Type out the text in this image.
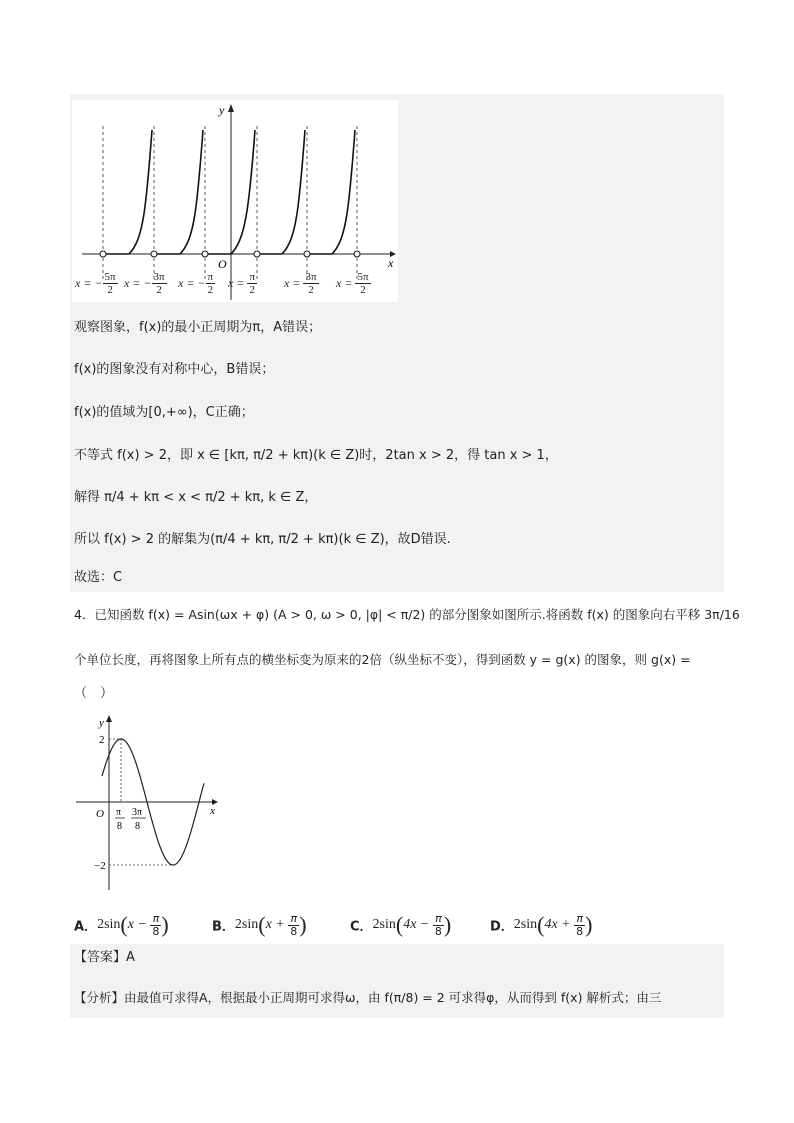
y
x
O
x = − $\frac{5\pi}{2}$ x = − $\frac{3\pi}{2}$ x = − $\frac{\pi}{2}$ $x = \frac{\pi}{2}$ $x = \frac{3\pi}{2}$ $x = \frac{5\pi}{2}$
观察图象，f(x)的最小正周期为π，A错误；
f(x)的图象没有对称中心，B错误；
f(x)的值域为[0,+∞)，C正确；
不等式 f(x) > 2，即 x ∈ [kπ, π/2 + kπ)(k ∈ Z)时，2tan x > 2，得 tan x > 1，
解得 π/4 + kπ < x < π/2 + kπ, k ∈ Z，
所以 f(x) > 2 的解集为(π/4 + kπ, π/2 + kπ)(k ∈ Z)，故D错误.
故选：C
4．已知函数 f(x) = Asin(ωx + φ) (A > 0, ω > 0, |φ| < π/2) 的部分图象如图所示.将函数 f(x) 的图象向右平移 3π/16
个单位长度，再将图象上所有点的横坐标变为原来的2倍（纵坐标不变），得到函数 y = g(x) 的图象，则 g(x) =
（　）
y
x
O
2
−2
π
8
3π
8
A．$2\sin(x - \frac{\pi}{8}$ )	B．$2\sin(x + \frac{\pi}{8}$ )	C．$2\sin(4x - \frac{\pi}{8}$ )	D．$2\sin(4x + \frac{\pi}{8}$ )
【答案】A
【分析】由最值可求得A，根据最小正周期可求得ω，由 f(π/8) = 2 可求得φ，从而得到 f(x) 解析式；由三
